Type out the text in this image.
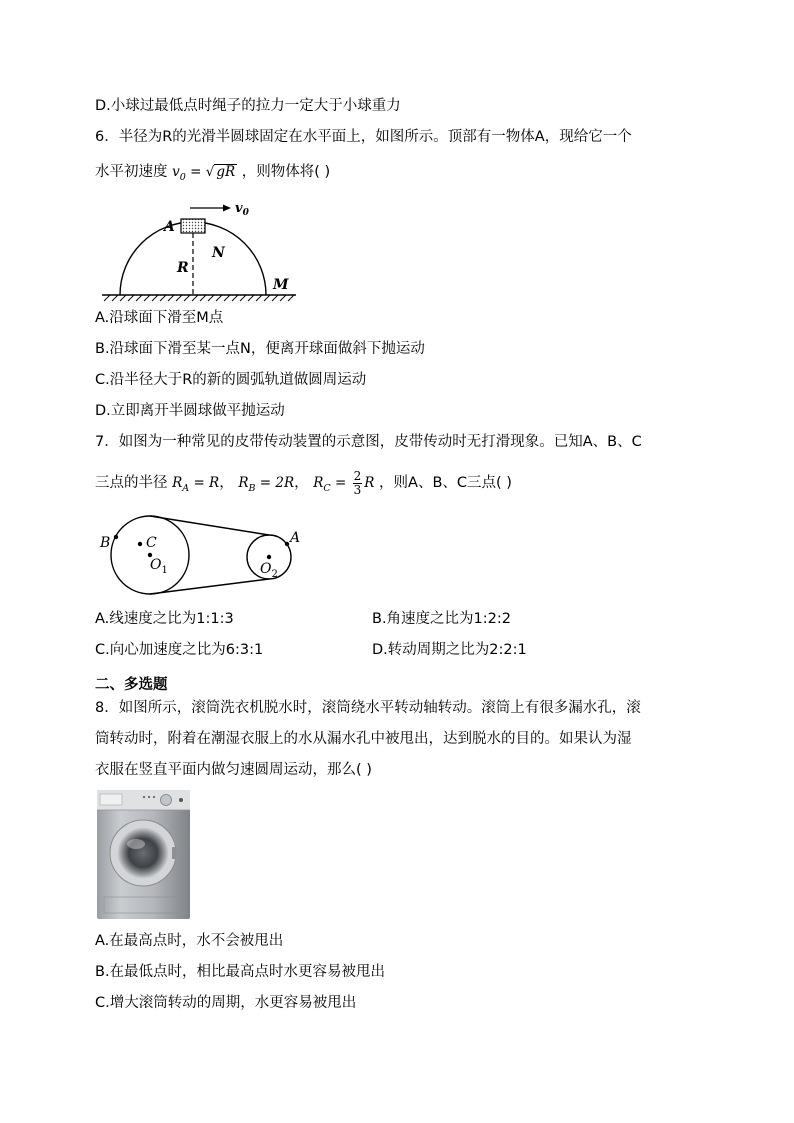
D.小球过最低点时绳子的拉力一定大于小球重力
6．半径为R的光滑半圆球固定在水平面上，如图所示。顶部有一物体A，现给它一个
水平初速度 $v_0$ = √ gR ，则物体将( )
$v_0$
A
N
R
M
A.沿球面下滑至M点
B.沿球面下滑至某一点N，便离开球面做斜下抛运动
C.沿半径大于R的新的圆弧轨道做圆周运动
D.立即离开半圆球做平抛运动
7．如图为一种常见的皮带传动装置的示意图，皮带传动时无打滑现象。已知A、B、C
三点的半径 $R_A = R$， $R_B = 2R$， $R_C = \frac{2}{3}$ R ，则A、B、C三点( )
B	C
$O_1$
A
$O_2$
A.线速度之比为1:1:3	B.角速度之比为1:2:2
C.向心加速度之比为6:3:1	D.转动周期之比为2:2:1
二、多选题
8．如图所示，滚筒洗衣机脱水时，滚筒绕水平转动轴转动。滚筒上有很多漏水孔，滚
筒转动时，附着在潮湿衣服上的水从漏水孔中被甩出，达到脱水的目的。如果认为湿
衣服在竖直平面内做匀速圆周运动，那么( )
A.在最高点时，水不会被甩出
B.在最低点时，相比最高点时水更容易被甩出
C.增大滚筒转动的周期，水更容易被甩出
